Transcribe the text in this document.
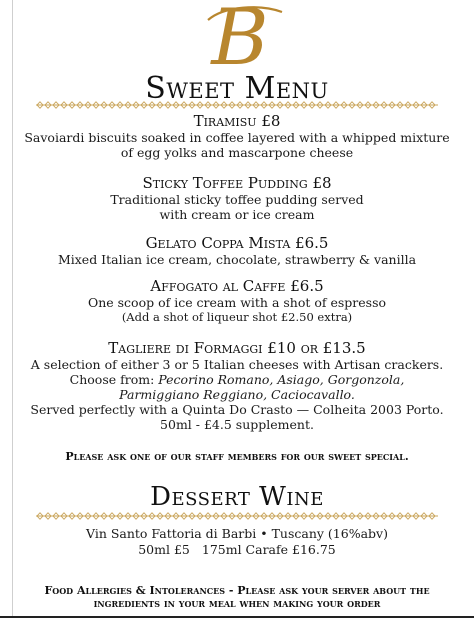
B
Sweet Menu
Tiramisu £8
Savoiardi biscuits soaked in coffee layered with a whipped mixture
of egg yolks and mascarpone cheese
Sticky Toffee Pudding £8
Traditional sticky toffee pudding served
with cream or ice cream
Gelato Coppa Mista £6.5
Mixed Italian ice cream, chocolate, strawberry & vanilla
Affogato al Caffe £6.5
One scoop of ice cream with a shot of espresso
(Add a shot of liqueur shot £2.50 extra)
Tagliere di Formaggi £10 or £13.5
A selection of either 3 or 5 Italian cheeses with Artisan crackers.
Choose from: Pecorino Romano, Asiago, Gorgonzola,
Parmiggiano Reggiano, Caciocavallo.
Served perfectly with a Quinta Do Crasto — Colheita 2003 Porto.
50ml - £4.5 supplement.
Please ask one of our staff members for our sweet special.
Dessert Wine
Vin Santo Fattoria di Barbi • Tuscany (16%abv)
50ml £5 175ml Carafe £16.75
Food Allergies & Intolerances - Please ask your server about the
ingredients in your meal when making your order
